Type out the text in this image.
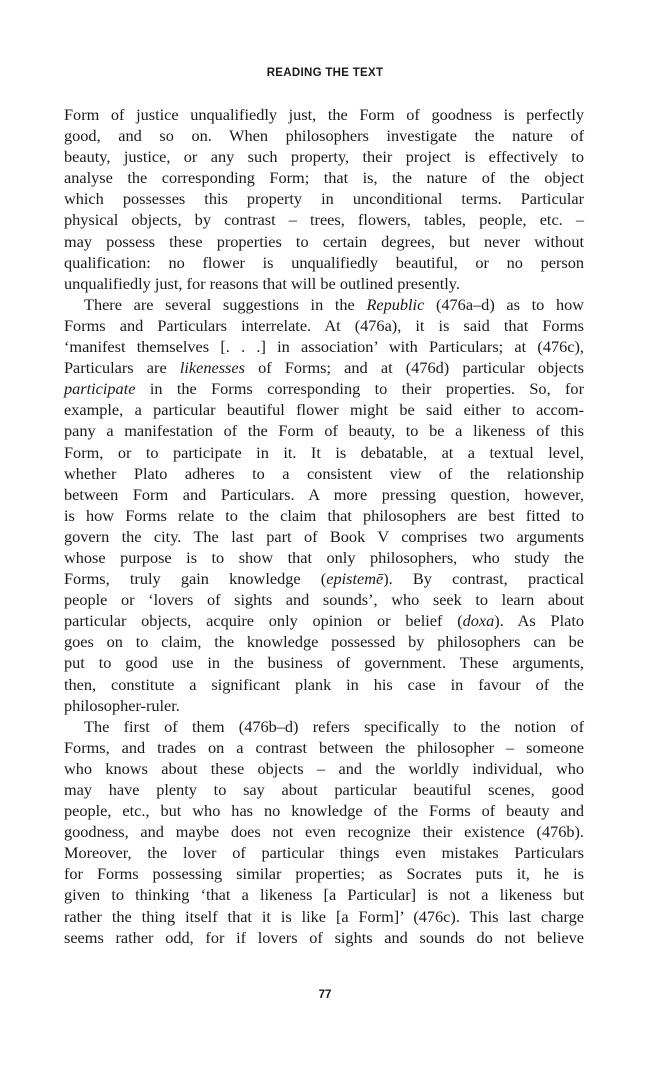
READING THE TEXT
Form of justice unqualifiedly just, the Form of goodness is perfectly
good, and so on. When philosophers investigate the nature of
beauty, justice, or any such property, their project is effectively to
analyse the corresponding Form; that is, the nature of the object
which possesses this property in unconditional terms. Particular
physical objects, by contrast – trees, flowers, tables, people, etc. –
may possess these properties to certain degrees, but never without
qualification: no flower is unqualifiedly beautiful, or no person
unqualifiedly just, for reasons that will be outlined presently.
There are several suggestions in the Republic (476a–d) as to how
Forms and Particulars interrelate. At (476a), it is said that Forms
‘manifest themselves [. . .] in association’ with Particulars; at (476c),
Particulars are likenesses of Forms; and at (476d) particular objects
participate in the Forms corresponding to their properties. So, for
example, a particular beautiful flower might be said either to accom-
pany a manifestation of the Form of beauty, to be a likeness of this
Form, or to participate in it. It is debatable, at a textual level,
whether Plato adheres to a consistent view of the relationship
between Form and Particulars. A more pressing question, however,
is how Forms relate to the claim that philosophers are best fitted to
govern the city. The last part of Book V comprises two arguments
whose purpose is to show that only philosophers, who study the
Forms, truly gain knowledge (epistemē). By contrast, practical
people or ‘lovers of sights and sounds’, who seek to learn about
particular objects, acquire only opinion or belief (doxa). As Plato
goes on to claim, the knowledge possessed by philosophers can be
put to good use in the business of government. These arguments,
then, constitute a significant plank in his case in favour of the
philosopher-ruler.
The first of them (476b–d) refers specifically to the notion of
Forms, and trades on a contrast between the philosopher – someone
who knows about these objects – and the worldly individual, who
may have plenty to say about particular beautiful scenes, good
people, etc., but who has no knowledge of the Forms of beauty and
goodness, and maybe does not even recognize their existence (476b).
Moreover, the lover of particular things even mistakes Particulars
for Forms possessing similar properties; as Socrates puts it, he is
given to thinking ‘that a likeness [a Particular] is not a likeness but
rather the thing itself that it is like [a Form]’ (476c). This last charge
seems rather odd, for if lovers of sights and sounds do not believe
77
